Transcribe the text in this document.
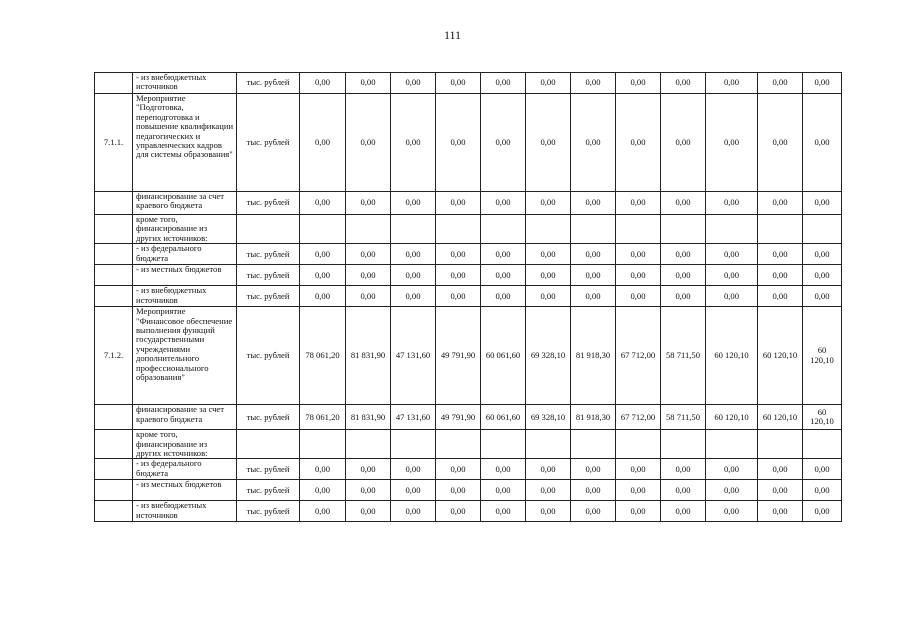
111
	- из внебюджетных источников	тыс. рублей	0,00	0,00	0,00	0,00	0,00	0,00	0,00	0,00	0,00	0,00	0,00	0,00
7.1.1.	Мероприятие "Подготовка, переподготовка и повышение квалификации педагогических и управленческих кадров для системы образования"	тыс. рублей	0,00	0,00	0,00	0,00	0,00	0,00	0,00	0,00	0,00	0,00	0,00	0,00
	финансирование за счет краевого бюджета	тыс. рублей	0,00	0,00	0,00	0,00	0,00	0,00	0,00	0,00	0,00	0,00	0,00	0,00
	кроме того, финансирование из других источников:													
	- из федерального бюджета	тыс. рублей	0,00	0,00	0,00	0,00	0,00	0,00	0,00	0,00	0,00	0,00	0,00	0,00
	- из местных бюджетов	тыс. рублей	0,00	0,00	0,00	0,00	0,00	0,00	0,00	0,00	0,00	0,00	0,00	0,00
	- из внебюджетных источников	тыс. рублей	0,00	0,00	0,00	0,00	0,00	0,00	0,00	0,00	0,00	0,00	0,00	0,00
7.1.2.	Мероприятие "Финансовое обеспечение выполнения функций государственными учреждениями дополнительного профессионального образования"	тыс. рублей	78 061,20	81 831,90	47 131,60	49 791,90	60 061,60	69 328,10	81 918,30	67 712,00	58 711,50	60 120,10	60 120,10	60 120,10
	финансирование за счет краевого бюджета	тыс. рублей	78 061,20	81 831,90	47 131,60	49 791,90	60 061,60	69 328,10	81 918,30	67 712,00	58 711,50	60 120,10	60 120,10	60 120,10
	кроме того, финансирование из других источников:													
	- из федерального бюджета	тыс. рублей	0,00	0,00	0,00	0,00	0,00	0,00	0,00	0,00	0,00	0,00	0,00	0,00
	- из местных бюджетов	тыс. рублей	0,00	0,00	0,00	0,00	0,00	0,00	0,00	0,00	0,00	0,00	0,00	0,00
	- из внебюджетных источников	тыс. рублей	0,00	0,00	0,00	0,00	0,00	0,00	0,00	0,00	0,00	0,00	0,00	0,00
